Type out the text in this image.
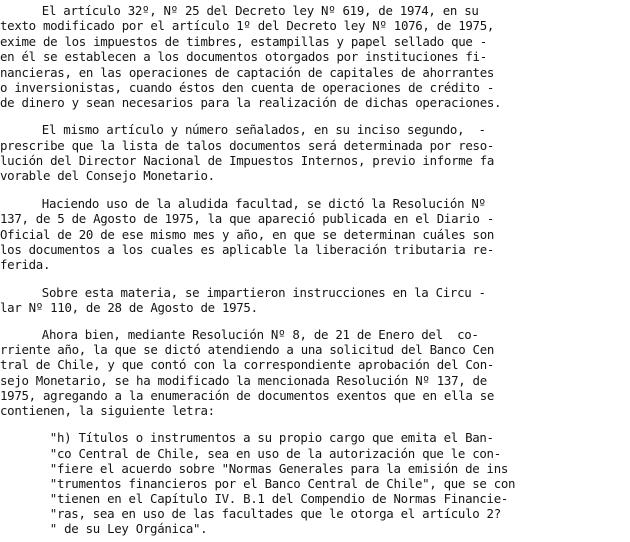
El artículo 32º, Nº 25 del Decreto ley Nº 619, de 1974, en su

texto modificado por el artículo 1º del Decreto ley Nº 1076, de 1975,

exime de los impuestos de timbres, estampillas y papel sellado que -

en él se establecen a los documentos otorgados por instituciones fi-

nancieras, en las operaciones de captación de capitales de ahorrantes

o inversionistas, cuando éstos den cuenta de operaciones de crédito -

de dinero y sean necesarios para la realización de dichas operaciones.

El mismo artículo y número señalados, en su inciso segundo,  -

prescribe que la lista de talos documentos será determinada por reso-

lución del Director Nacional de Impuestos Internos, previo informe fa

vorable del Consejo Monetario.

Haciendo uso de la aludida facultad, se dictó la Resolución Nº

137, de 5 de Agosto de 1975, la que apareció publicada en el Diario -

Oficial de 20 de ese mismo mes y año, en que se determinan cuáles son

los documentos a los cuales es aplicable la liberación tributaria re-

ferida.

Sobre esta materia, se impartieron instrucciones en la Circu -

lar Nº 110, de 28 de Agosto de 1975.

Ahora bien, mediante Resolución Nº 8, de 21 de Enero del  co-

rriente año, la que se dictó atendiendo a una solicitud del Banco Cen

tral de Chile, y que contó con la correspondiente aprobación del Con-

sejo Monetario, se ha modificado la mencionada Resolución Nº 137, de

1975, agregando a la enumeración de documentos exentos que en ella se

contienen, la siguiente letra:

"h) Títulos o instrumentos a su propio cargo que emita el Ban-

"co Central de Chile, sea en uso de la autorización que le con-

"fiere el acuerdo sobre "Normas Generales para la emisión de ins

"trumentos financieros por el Banco Central de Chile", que se con

"tienen en el Capítulo IV. B.1 del Compendio de Normas Financie-

"ras, sea en uso de las facultades que le otorga el artículo 2?

" de su Ley Orgánica".
